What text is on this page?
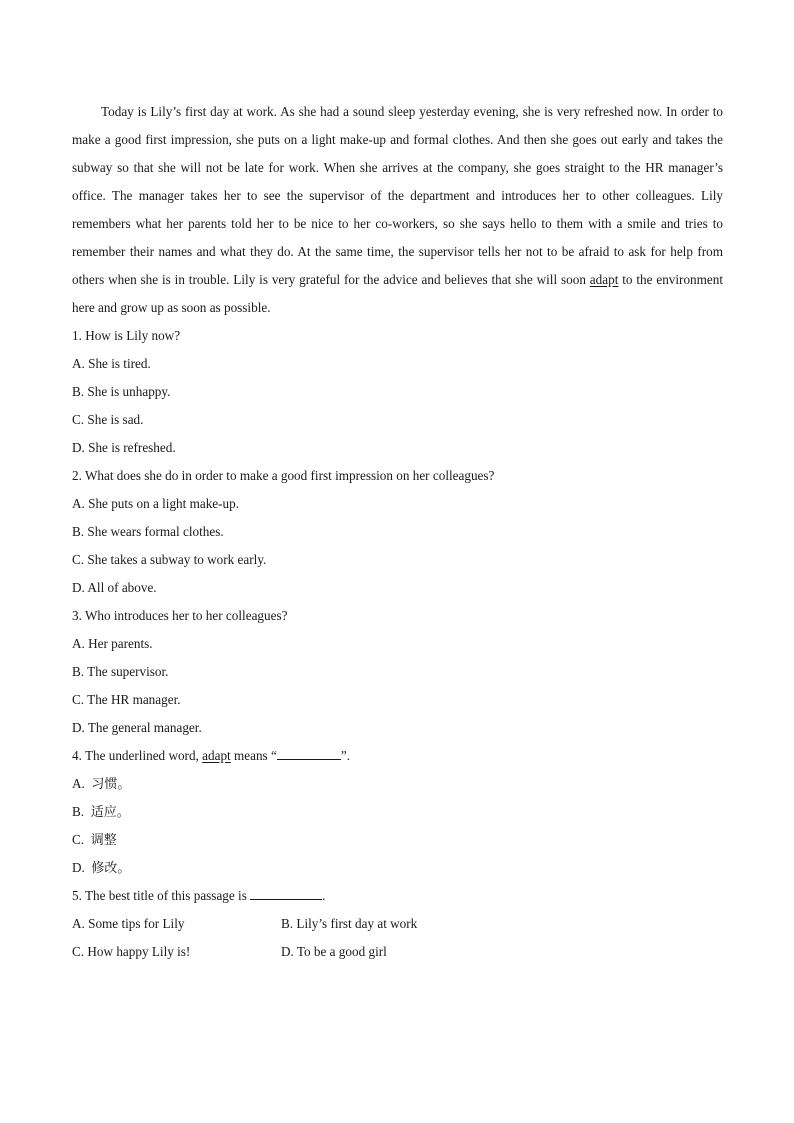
Today is Lily’s first day at work. As she had a sound sleep yesterday evening, she is very refreshed now. In order to make a good first impression, she puts on a light make-up and formal clothes. And then she goes out early and takes the subway so that she will not be late for work. When she arrives at the company, she goes straight to the HR manager’s office. The manager takes her to see the supervisor of the department and introduces her to other colleagues. Lily remembers what her parents told her to be nice to her co-workers, so she says hello to them with a smile and tries to remember their names and what they do. At the same time, the supervisor tells her not to be afraid to ask for help from others when she is in trouble. Lily is very grateful for the advice and believes that she will soon adapt to the environment here and grow up as soon as possible.

1. How is Lily now?
A. She is tired.
B. She is unhappy.
C. She is sad.
D. She is refreshed.
2. What does she do in order to make a good first impression on her colleagues?
A. She puts on a light make-up.
B. She wears formal clothes.
C. She takes a subway to work early.
D. All of above.
3. Who introduces her to her colleagues?
A. Her parents.
B. The supervisor.
C. The HR manager.
D. The general manager.
4. The underlined word, adapt means “	”.
A. 习惯。
B. 适应。
C. 调整
D. 修改。
5. The best title of this passage is	.
A. Some tips for Lily	B. Lily’s first day at work
C. How happy Lily is!	D. To be a good girl
